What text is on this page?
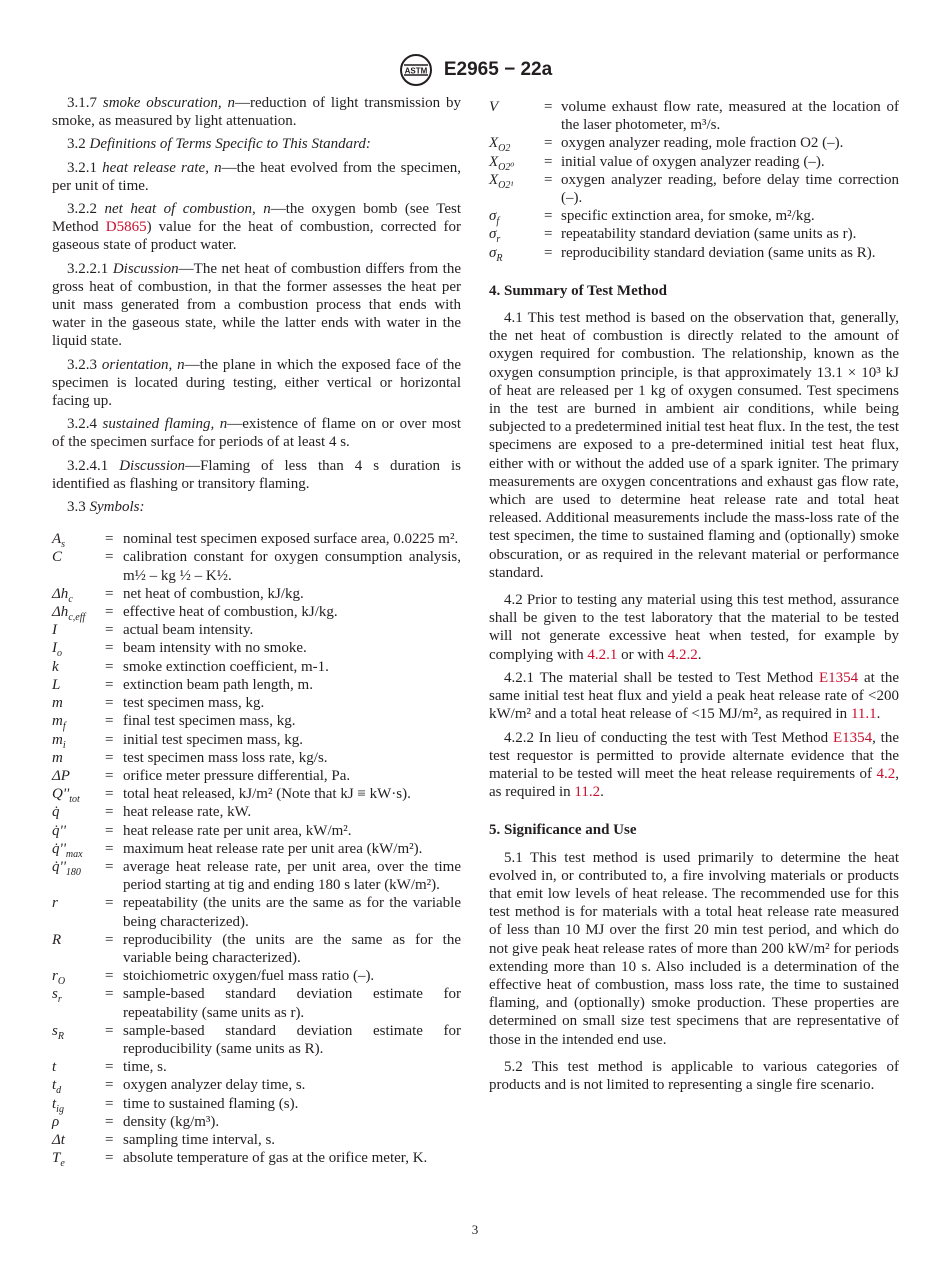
ASTM E2965 − 22a

3.1.7 smoke obscuration, n—reduction of light transmission by smoke, as measured by light attenuation.

3.2 Definitions of Terms Specific to This Standard:

3.2.1 heat release rate, n—the heat evolved from the specimen, per unit of time.

3.2.2 net heat of combustion, n—the oxygen bomb (see Test Method D5865) value for the heat of combustion, corrected for gaseous state of product water.

3.2.2.1 Discussion—The net heat of combustion differs from the gross heat of combustion, in that the former assesses the heat per unit mass generated from a combustion process that ends with water in the gaseous state, while the latter ends with water in the liquid state.

3.2.3 orientation, n—the plane in which the exposed face of the specimen is located during testing, either vertical or horizontal facing up.

3.2.4 sustained flaming, n—existence of flame on or over most of the specimen surface for periods of at least 4 s.

3.2.4.1 Discussion—Flaming of less than 4 s duration is identified as flashing or transitory flaming.

3.3 Symbols:

$A_s$	= nominal test specimen exposed surface area, 0.0225 m².
C	= calibration constant for oxygen consumption analysis, m½ – kg ½ – K½.
$\Delta h_c$	= net heat of combustion, kJ/kg.
$\Delta h_{c,eff}$	= effective heat of combustion, kJ/kg.
I	= actual beam intensity.
$I_o$	= beam intensity with no smoke.
k	= smoke extinction coefficient, m-1.
L	= extinction beam path length, m.
m	= test specimen mass, kg.
$m_f$	= final test specimen mass, kg.
$m_i$	= initial test specimen mass, kg.
m	= test specimen mass loss rate, kg/s.
ΔP	= orifice meter pressure differential, Pa.
$Q''_{tot}$	= total heat released, kJ/m² (Note that kJ ≡ kW·s).
q̇	= heat release rate, kW.
q̇''	= heat release rate per unit area, kW/m².
$q̇''_{max}$	= maximum heat release rate per unit area (kW/m²).
$q̇''_{180}$	= average heat release rate, per unit area, over the time period starting at tig and ending 180 s later (kW/m²).
r	= repeatability (the units are the same as for the variable being characterized).
R	= reproducibility (the units are the same as for the variable being characterized).
$r_O$	= stoichiometric oxygen/fuel mass ratio (–).
$s_r$	= sample-based standard deviation estimate for repeatability (same units as r).
$s_R$	= sample-based standard deviation estimate for reproducibility (same units as R).
t	= time, s.
$t_d$	= oxygen analyzer delay time, s.
$t_{ig}$	= time to sustained flaming (s).
ρ	= density (kg/m³).
Δt	= sampling time interval, s.
$T_e$	= absolute temperature of gas at the orifice meter, K.
V	= volume exhaust flow rate, measured at the location of the laser photometer, m³/s.
$X_{O2}$	= oxygen analyzer reading, mole fraction O2 (–).
$X_{O2^0}$	= initial value of oxygen analyzer reading (–).
$X_{O2^1}$	= oxygen analyzer reading, before delay time correction (–).
$\sigma_f$	= specific extinction area, for smoke, m²/kg.
$\sigma_r$	= repeatability standard deviation (same units as r).
$\sigma_R$	= reproducibility standard deviation (same units as R).
4. Summary of Test Method

4.1 This test method is based on the observation that, generally, the net heat of combustion is directly related to the amount of oxygen required for combustion. The relationship, known as the oxygen consumption principle, is that approximately 13.1 × 10³ kJ of heat are released per 1 kg of oxygen consumed. Test specimens in the test are burned in ambient air conditions, while being subjected to a predetermined initial test heat flux. In the test, the test specimens are exposed to a pre-determined initial test heat flux, either with or without the added use of a spark igniter. The primary measurements are oxygen concentrations and exhaust gas flow rate, which are used to determine heat release rate and total heat released. Additional measurements include the mass-loss rate of the test specimen, the time to sustained flaming and (optionally) smoke obscuration, or as required in the relevant material or performance standard.

4.2 Prior to testing any material using this test method, assurance shall be given to the test laboratory that the material to be tested will not generate excessive heat when tested, for example by complying with 4.2.1 or with 4.2.2.

4.2.1 The material shall be tested to Test Method E1354 at the same initial test heat flux and yield a peak heat release rate of <200 kW/m² and a total heat release of <15 MJ/m², as required in 11.1.

4.2.2 In lieu of conducting the test with Test Method E1354, the test requestor is permitted to provide alternate evidence that the material to be tested will meet the heat release requirements of 4.2, as required in 11.2.

5. Significance and Use

5.1 This test method is used primarily to determine the heat evolved in, or contributed to, a fire involving materials or products that emit low levels of heat release. The recommended use for this test method is for materials with a total heat release rate measured of less than 10 MJ over the first 20 min test period, and which do not give peak heat release rates of more than 200 kW/m² for periods extending more than 10 s. Also included is a determination of the effective heat of combustion, mass loss rate, the time to sustained flaming, and (optionally) smoke production. These properties are determined on small size test specimens that are representative of those in the intended end use.

5.2 This test method is applicable to various categories of products and is not limited to representing a single fire scenario.

3
